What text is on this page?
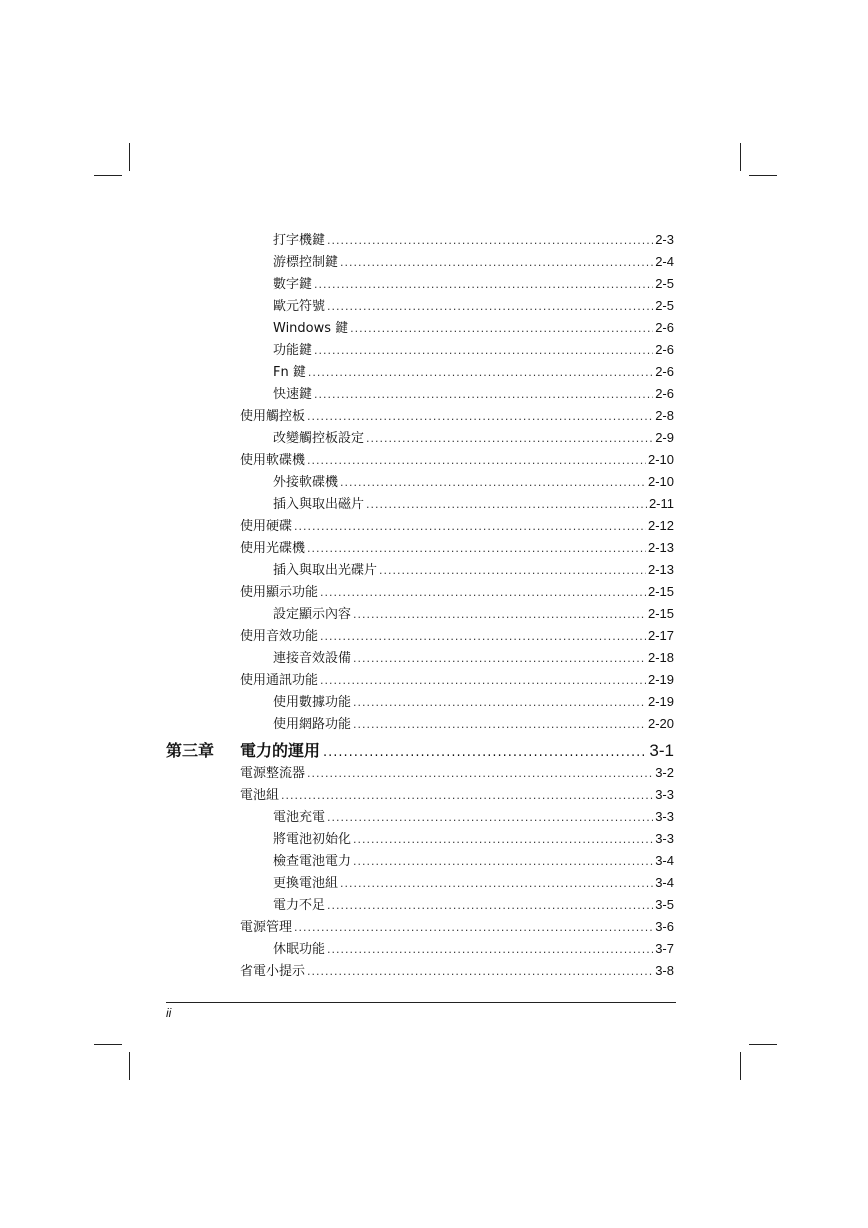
打字機鍵 .....	2-3
游標控制鍵 .....	2-4
數字鍵 .....	2-5
歐元符號 .....	2-5
Windows 鍵 .....	2-6
功能鍵 .....	2-6
Fn 鍵 .....	2-6
快速鍵 .....	2-6
使用觸控板 .....	2-8
改變觸控板設定 .....	2-9
使用軟碟機 .....	2-10
外接軟碟機 .....	2-10
插入與取出磁片 .....	2-11
使用硬碟 .....	2-12
使用光碟機 .....	2-13
插入與取出光碟片 .....	2-13
使用顯示功能 .....	2-15
設定顯示內容 .....	2-15
使用音效功能 .....	2-17
連接音效設備 .....	2-18
使用通訊功能 .....	2-19
使用數據功能 .....	2-19
使用網路功能 .....	2-20
第三章	電力的運用 .....	3-1
電源整流器 .....	3-2
電池組 .....	3-3
電池充電 .....	3-3
將電池初始化 .....	3-3
檢查電池電力 .....	3-4
更換電池組 .....	3-4
電力不足 .....	3-5
電源管理 .....	3-6
休眠功能 .....	3-7
省電小提示 .....	3-8
ii
